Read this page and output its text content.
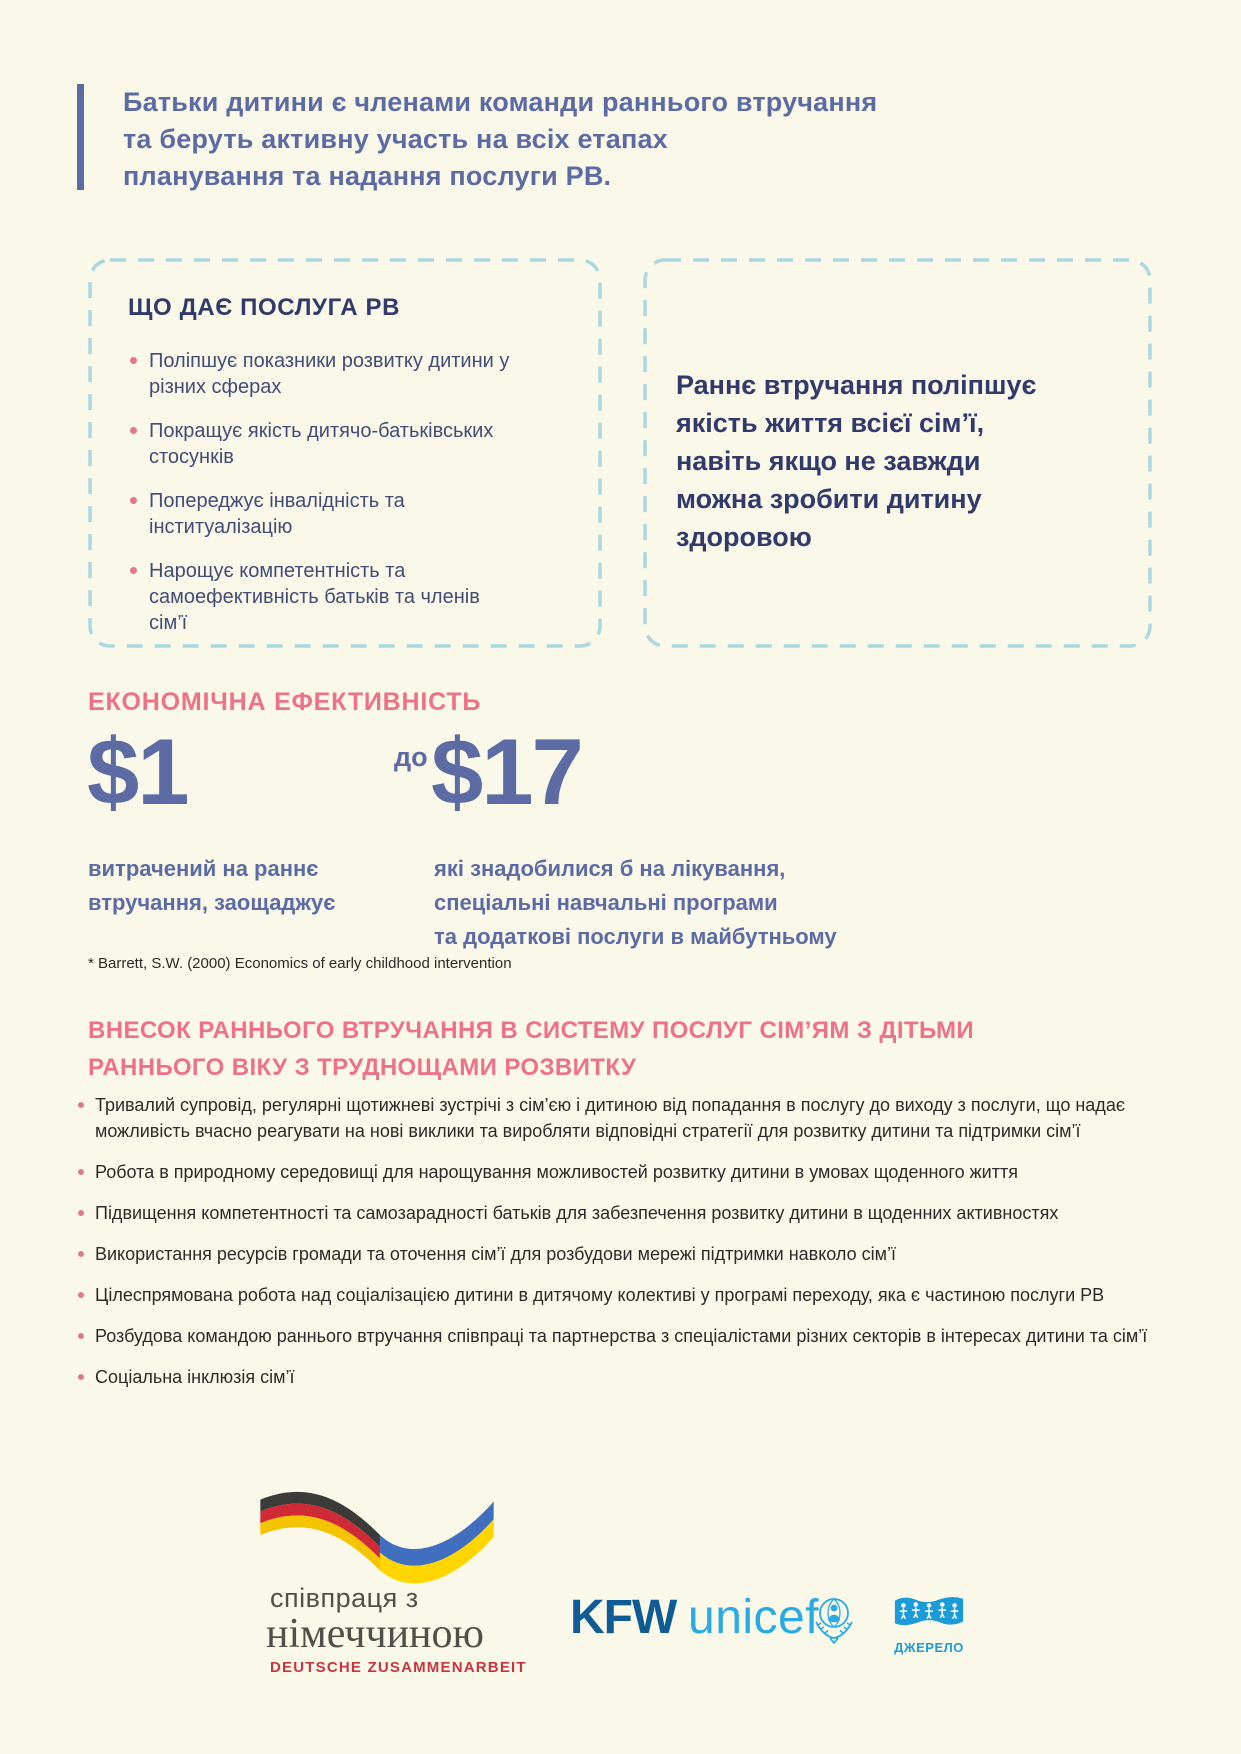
Батьки дитини є членами команди раннього втручання
та беруть активну участь на всіх етапах
планування та надання послуги РВ.
ЩО ДАЄ ПОСЛУГА РВ
Поліпшує показники розвитку дитини у різних сферах
Покращує якість дитячо-батьківських стосунків
Попереджує інвалідність та інституалізацію
Нарощує компетентність та самоефективність батьків та членів сім’ї
Раннє втручання поліпшує
якість життя всієї сім’ї,
навіть якщо не завжди
можна зробити дитину
здоровою
ЕКОНОМІЧНА ЕФЕКТИВНІСТЬ
$1	до $17
витрачений на раннє
втручання, заощаджує
які знадобилися б на лікування,
спеціальні навчальні програми
та додаткові послуги в майбутньому
* Barrett, S.W. (2000) Economics of early childhood intervention
ВНЕСОК РАННЬОГО ВТРУЧАННЯ В СИСТЕМУ ПОСЛУГ СІМ’ЯМ З ДІТЬМИ
РАННЬОГО ВІКУ З ТРУДНОЩАМИ РОЗВИТКУ
Тривалий супровід, регулярні щотижневі зустрічі з сім’єю і дитиною від попадання в послугу до виходу з послуги, що надає можливість вчасно реагувати на нові виклики та виробляти відповідні стратегії для розвитку дитини та підтримки сім’ї
Робота в природному середовищі для нарощування можливостей розвитку дитини в умовах щоденного життя
Підвищення компетентності та самозарадності батьків для забезпечення розвитку дитини в щоденних активностях
Використання ресурсів громади та оточення сім’ї для розбудови мережі підтримки навколо сім’ї
Цілеспрямована робота над соціалізацією дитини в дитячому колективі у програмі переходу, яка є частиною послуги РВ
Розбудова командою раннього втручання співпраці та партнерства з спеціалістами різних секторів в інтересах дитини та сім’ї
Соціальна інклюзія сім’ї
співпраця з
німеччиною
DEUTSCHE ZUSAMMENARBEIT
KFW unicef
ДЖЕРЕЛО
